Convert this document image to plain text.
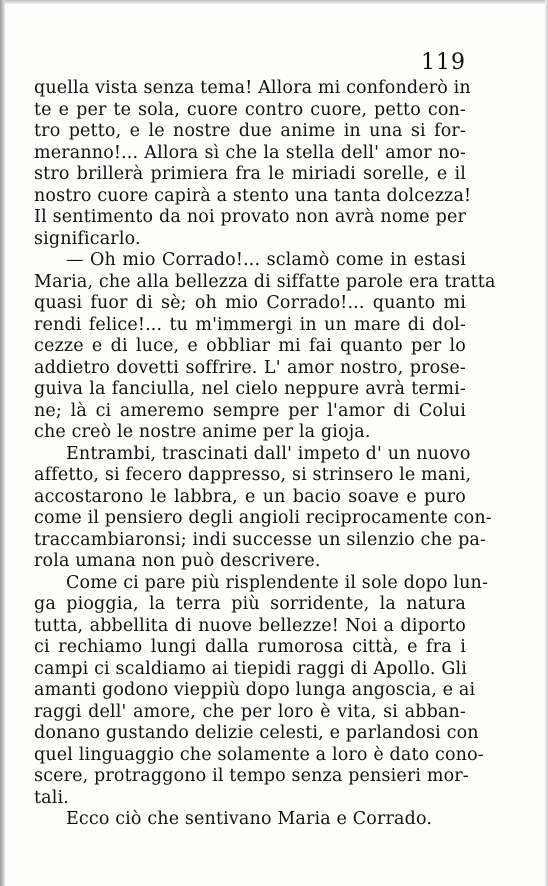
119
quella vista senza tema! Allora mi confonderò in
te e per te sola, cuore contro cuore, petto con-
tro petto, e le nostre due anime in una si for-
meranno!... Allora sì che la stella dell' amor no-
stro brillerà primiera fra le miriadi sorelle, e il
nostro cuore capirà a stento una tanta dolcezza!
Il sentimento da noi provato non avrà nome per
significarlo.
— Oh mio Corrado!... sclamò come in estasi
Maria, che alla bellezza di siffatte parole era tratta
quasi fuor di sè; oh mio Corrado!... quanto mi
rendi felice!... tu m'immergi in un mare di dol-
cezze e di luce, e obbliar mi fai quanto per lo
addietro dovetti soffrire. L' amor nostro, prose-
guiva la fanciulla, nel cielo neppure avrà termi-
ne; là ci ameremo sempre per l'amor di Colui
che creò le nostre anime per la gioja.
Entrambi, trascinati dall' impeto d' un nuovo
affetto, si fecero dappresso, si strinsero le mani,
accostarono le labbra, e un bacio soave e puro
come il pensiero degli angioli reciprocamente con-
traccambiaronsi; indi successe un silenzio che pa-
rola umana non può descrivere.
Come ci pare più risplendente il sole dopo lun-
ga pioggia, la terra più sorridente, la natura
tutta, abbellita di nuove bellezze! Noi a diporto
ci rechiamo lungi dalla rumorosa città, e fra i
campi ci scaldiamo ai tiepidi raggi di Apollo. Gli
amanti godono vieppiù dopo lunga angoscia, e ai
raggi dell' amore, che per loro è vita, si abban-
donano gustando delizie celesti, e parlandosi con
quel linguaggio che solamente a loro è dato cono-
scere, protraggono il tempo senza pensieri mor-
tali.
Ecco ciò che sentivano Maria e Corrado.
